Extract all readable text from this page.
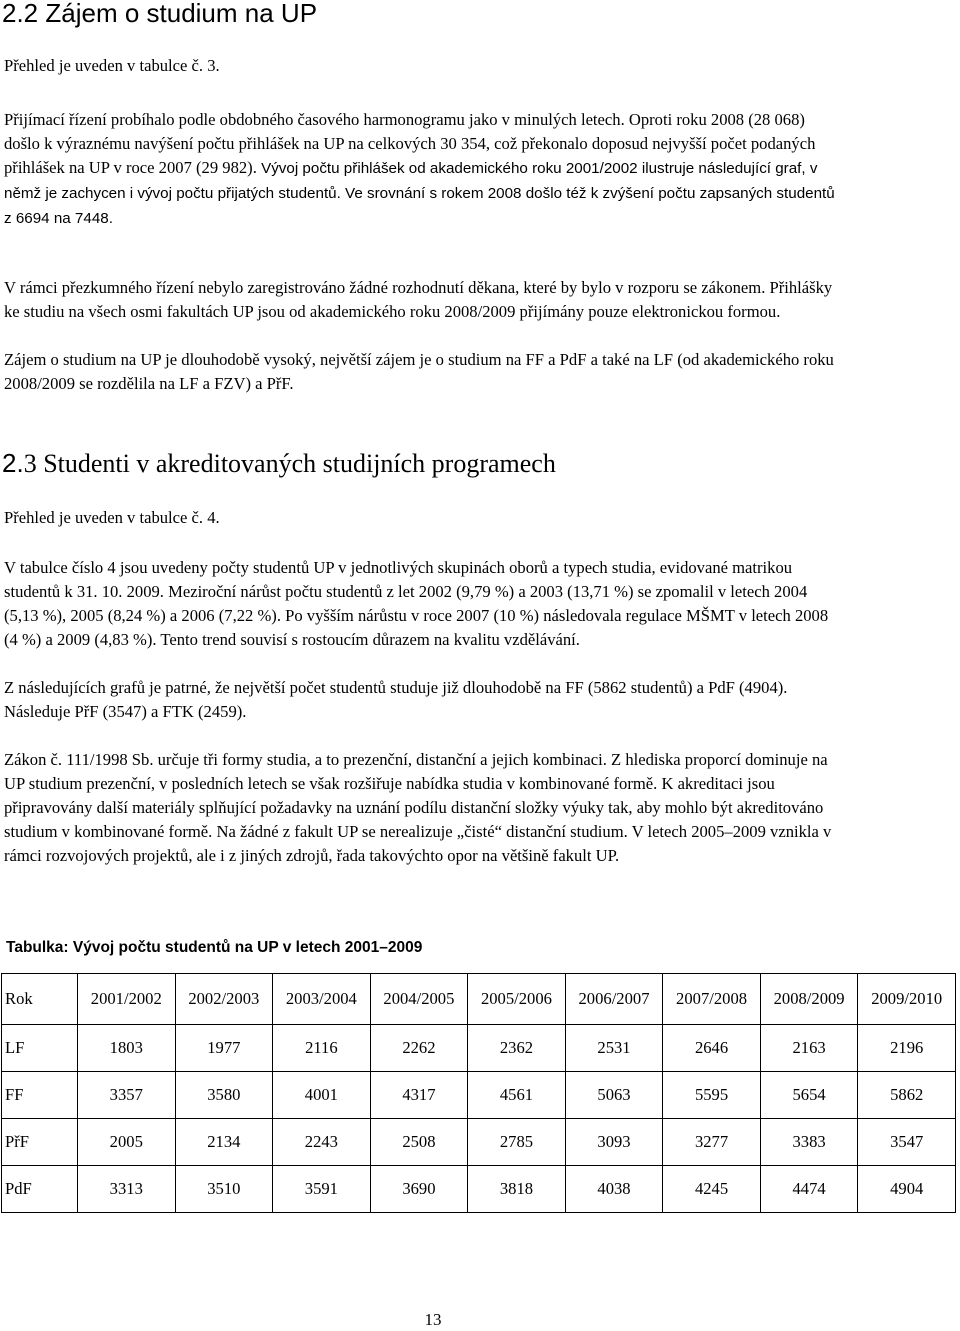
2.2 Zájem o studium na UP

Přehled je uveden v tabulce č. 3.

Přijímací řízení probíhalo podle obdobného časového harmonogramu jako v minulých letech. Oproti roku 2008 (28 068) došlo k výraznému navýšení počtu přihlášek na UP na celkových 30 354, což překonalo doposud nejvyšší počet podaných přihlášek na UP v roce 2007 (29 982). Vývoj počtu přihlášek od akademického roku 2001/2002 ilustruje následující graf, v němž je zachycen i vývoj počtu přijatých studentů. Ve srovnání s rokem 2008 došlo též k zvýšení počtu zapsaných studentů z 6694 na 7448.

V rámci přezkumného řízení nebylo zaregistrováno žádné rozhodnutí děkana, které by bylo v rozporu se zákonem. Přihlášky ke studiu na všech osmi fakultách UP jsou od akademického roku 2008/2009 přijímány pouze elektronickou formou.

Zájem o studium na UP je dlouhodobě vysoký, největší zájem je o studium na FF a PdF a také na LF (od akademického roku 2008/2009 se rozdělila na LF a FZV) a PřF.

2.3 Studenti v akreditovaných studijních programech

Přehled je uveden v tabulce č. 4.

V tabulce číslo 4 jsou uvedeny počty studentů UP v jednotlivých skupinách oborů a typech studia, evidované matrikou studentů k 31. 10. 2009. Meziroční nárůst počtu studentů z let 2002 (9,79 %) a 2003 (13,71 %) se zpomalil v letech 2004 (5,13 %), 2005 (8,24 %) a 2006 (7,22 %). Po vyšším nárůstu v roce 2007 (10 %) následovala regulace MŠMT v letech 2008 (4 %) a 2009 (4,83 %). Tento trend souvisí s rostoucím důrazem na kvalitu vzdělávání.

Z následujících grafů je patrné, že největší počet studentů studuje již dlouhodobě na FF (5862 studentů) a PdF (4904). Následuje PřF (3547) a FTK (2459).

Zákon č. 111/1998 Sb. určuje tři formy studia, a to prezenční, distanční a jejich kombinaci. Z hlediska proporcí dominuje na UP studium prezenční, v posledních letech se však rozšiřuje nabídka studia v kombinované formě. K akreditaci jsou připravovány další materiály splňující požadavky na uznání podílu distanční složky výuky tak, aby mohlo být akreditováno studium v kombinované formě. Na žádné z fakult UP se nerealizuje „čisté“ distanční studium. V letech 2005–2009 vznikla v rámci rozvojových projektů, ale i z jiných zdrojů, řada takovýchto opor na většině fakult UP.

Tabulka: Vývoj počtu studentů na UP v letech 2001–2009
Rok	2001/2002	2002/2003	2003/2004	2004/2005	2005/2006	2006/2007	2007/2008	2008/2009	2009/2010
LF	1803	1977	2116	2262	2362	2531	2646	2163	2196
FF	3357	3580	4001	4317	4561	5063	5595	5654	5862
PřF	2005	2134	2243	2508	2785	3093	3277	3383	3547
PdF	3313	3510	3591	3690	3818	4038	4245	4474	4904
13
